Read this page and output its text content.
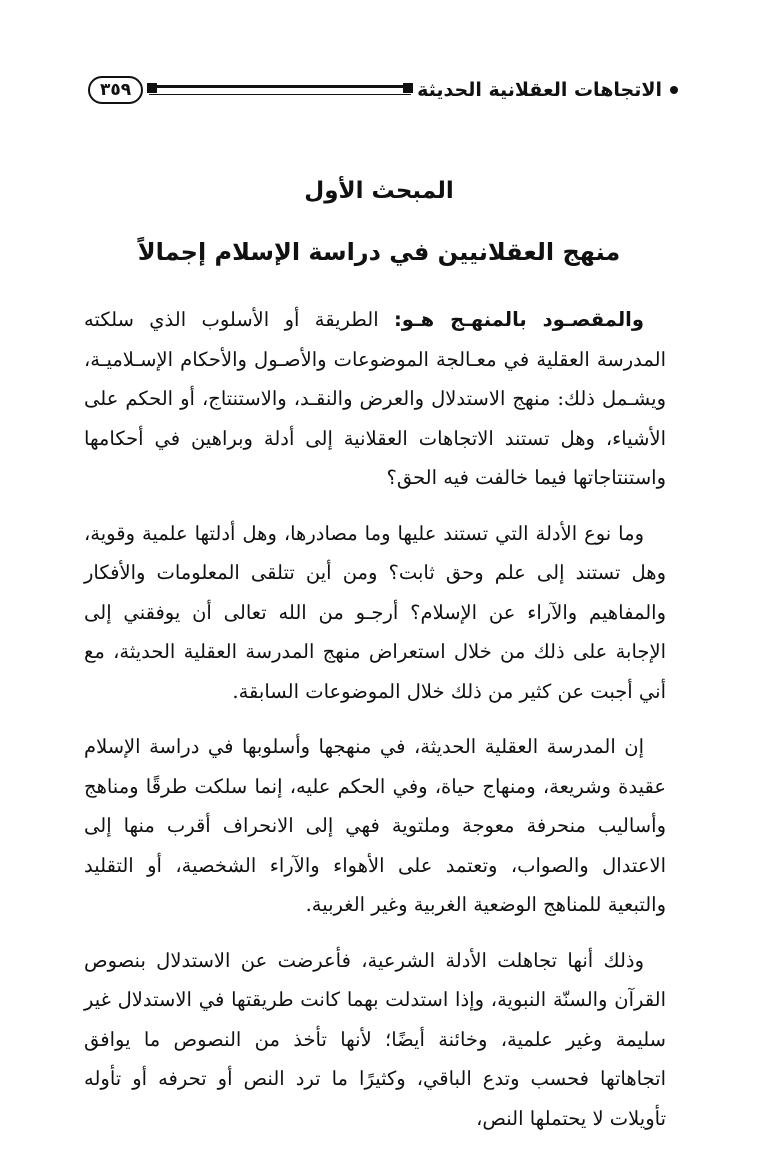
الاتجاهات العقلانية الحديثة
٣٥٩
المبحث الأول
منهج العقلانيين في دراسة الإسلام إجمالاً

والمقصـود بالمنهـج هـو: الطريقة أو الأسلوب الذي سلكته المدرسة العقلية في معـالجة الموضوعات والأصـول والأحكام الإسـلاميـة، ويشـمل ذلك: منهج الاستدلال والعرض والنقـد، والاستنتاج، أو الحكم على الأشياء، وهل تستند الاتجاهات العقلانية إلى أدلة وبراهين في أحكامها واستنتاجاتها فيما خالفت فيه الحق؟

وما نوع الأدلة التي تستند عليها وما مصادرها، وهل أدلتها علمية وقوية، وهل تستند إلى علم وحق ثابت؟ ومن أين تتلقى المعلومات والأفكار والمفاهيم والآراء عن الإسلام؟ أرجـو من الله تعالى أن يوفقني إلى الإجابة على ذلك من خلال استعراض منهج المدرسة العقلية الحديثة، مع أني أجبت عن كثير من ذلك خلال الموضوعات السابقة.

إن المدرسة العقلية الحديثة، في منهجها وأسلوبها في دراسة الإسلام عقيدة وشريعة، ومنهاج حياة، وفي الحكم عليه، إنما سلكت طرقًا ومناهج وأساليب منحرفة معوجة وملتوية فهي إلى الانحراف أقرب منها إلى الاعتدال والصواب، وتعتمد على الأهواء والآراء الشخصية، أو التقليد والتبعية للمناهج الوضعية الغربية وغير الغربية.

وذلك أنها تجاهلت الأدلة الشرعية، فأعرضت عن الاستدلال بنصوص القرآن والسنّة النبوية، وإذا استدلت بهما كانت طريقتها في الاستدلال غير سليمة وغير علمية، وخائنة أيضًا؛ لأنها تأخذ من النصوص ما يوافق اتجاهاتها فحسب وتدع الباقي، وكثيرًا ما ترد النص أو تحرفه أو تأوله تأويلات لا يحتملها النص،
